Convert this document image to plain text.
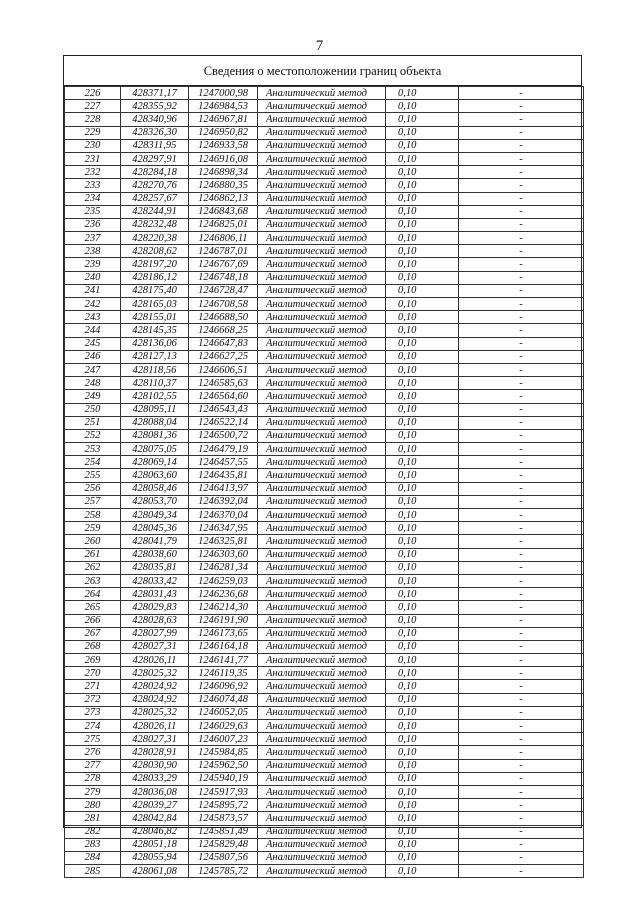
7
Сведения о местоположении границ объекта
226	428371,17	1247000,98	Аналитический метод	0,10	-
227	428355,92	1246984,53	Аналитический метод	0,10	-
228	428340,96	1246967,81	Аналитический метод	0,10	-
229	428326,30	1246950,82	Аналитический метод	0,10	-
230	428311,95	1246933,58	Аналитический метод	0,10	-
231	428297,91	1246916,08	Аналитический метод	0,10	-
232	428284,18	1246898,34	Аналитический метод	0,10	-
233	428270,76	1246880,35	Аналитический метод	0,10	-
234	428257,67	1246862,13	Аналитический метод	0,10	-
235	428244,91	1246843,68	Аналитический метод	0,10	-
236	428232,48	1246825,01	Аналитический метод	0,10	-
237	428220,38	1246806,11	Аналитический метод	0,10	-
238	428208,62	1246787,01	Аналитический метод	0,10	-
239	428197,20	1246767,69	Аналитический метод	0,10	-
240	428186,12	1246748,18	Аналитический метод	0,10	-
241	428175,40	1246728,47	Аналитический метод	0,10	-
242	428165,03	1246708,58	Аналитический метод	0,10	-
243	428155,01	1246688,50	Аналитический метод	0,10	-
244	428145,35	1246668,25	Аналитический метод	0,10	-
245	428136,06	1246647,83	Аналитический метод	0,10	-
246	428127,13	1246627,25	Аналитический метод	0,10	-
247	428118,56	1246606,51	Аналитический метод	0,10	-
248	428110,37	1246585,63	Аналитический метод	0,10	-
249	428102,55	1246564,60	Аналитический метод	0,10	-
250	428095,11	1246543,43	Аналитический метод	0,10	-
251	428088,04	1246522,14	Аналитический метод	0,10	-
252	428081,36	1246500,72	Аналитический метод	0,10	-
253	428075,05	1246479,19	Аналитический метод	0,10	-
254	428069,14	1246457,55	Аналитический метод	0,10	-
255	428063,60	1246435,81	Аналитический метод	0,10	-
256	428058,46	1246413,97	Аналитический метод	0,10	-
257	428053,70	1246392,04	Аналитический метод	0,10	-
258	428049,34	1246370,04	Аналитический метод	0,10	-
259	428045,36	1246347,95	Аналитический метод	0,10	-
260	428041,79	1246325,81	Аналитический метод	0,10	-
261	428038,60	1246303,60	Аналитический метод	0,10	-
262	428035,81	1246281,34	Аналитический метод	0,10	-
263	428033,42	1246259,03	Аналитический метод	0,10	-
264	428031,43	1246236,68	Аналитический метод	0,10	-
265	428029,83	1246214,30	Аналитический метод	0,10	-
266	428028,63	1246191,90	Аналитический метод	0,10	-
267	428027,99	1246173,65	Аналитический метод	0,10	-
268	428027,31	1246164,18	Аналитический метод	0,10	-
269	428026,11	1246141,77	Аналитический метод	0,10	-
270	428025,32	1246119,35	Аналитический метод	0,10	-
271	428024,92	1246096,92	Аналитический метод	0,10	-
272	428024,92	1246074,48	Аналитический метод	0,10	-
273	428025,32	1246052,05	Аналитический метод	0,10	-
274	428026,11	1246029,63	Аналитический метод	0,10	-
275	428027,31	1246007,23	Аналитический метод	0,10	-
276	428028,91	1245984,85	Аналитический метод	0,10	-
277	428030,90	1245962,50	Аналитический метод	0,10	-
278	428033,29	1245940,19	Аналитический метод	0,10	-
279	428036,08	1245917,93	Аналитический метод	0,10	-
280	428039,27	1245895,72	Аналитический метод	0,10	-
281	428042,84	1245873,57	Аналитический метод	0,10	-
282	428046,82	1245851,49	Аналитический метод	0,10	-
283	428051,18	1245829,48	Аналитический метод	0,10	-
284	428055,94	1245807,56	Аналитический метод	0,10	-
285	428061,08	1245785,72	Аналитический метод	0,10	-
